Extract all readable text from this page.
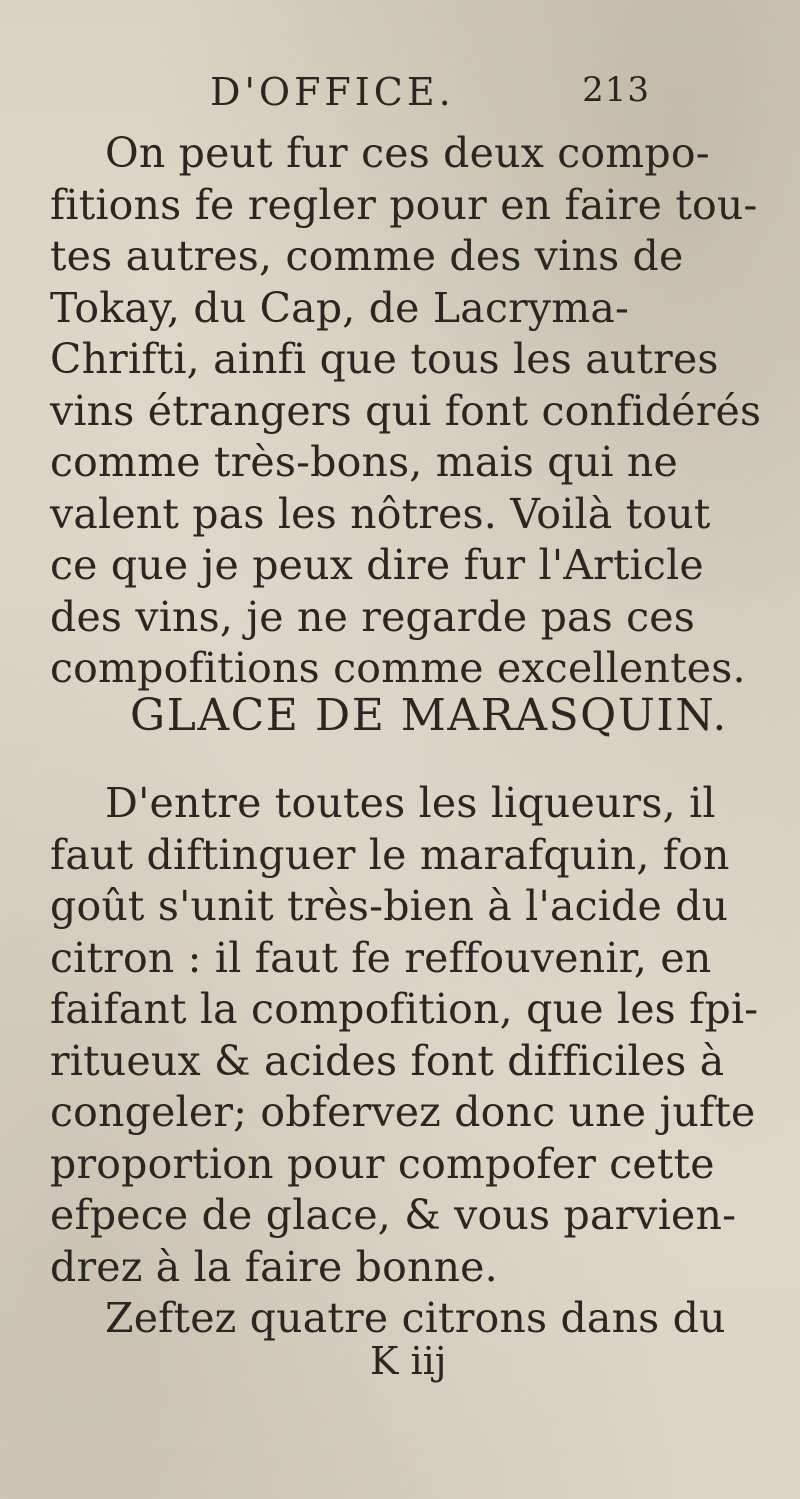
D'OFFICE.	213
On peut fur ces deux compo-
fitions fe regler pour en faire tou-
tes autres, comme des vins de
Tokay, du Cap, de Lacryma-
Chrifti, ainfi que tous les autres
vins étrangers qui font confidérés
comme très-bons, mais qui ne
valent pas les nôtres. Voilà tout
ce que je peux dire fur l'Article
des vins, je ne regarde pas ces
compofitions comme excellentes.
GLACE DE MARASQUIN.
D'entre toutes les liqueurs, il
faut diftinguer le marafquin, fon
goût s'unit très-bien à l'acide du
citron : il faut fe reffouvenir, en
faifant la compofition, que les fpi-
ritueux & acides font difficiles à
congeler; obfervez donc une jufte
proportion pour compofer cette
efpece de glace, & vous parvien-
drez à la faire bonne.
Zeftez quatre citrons dans du
K iij
